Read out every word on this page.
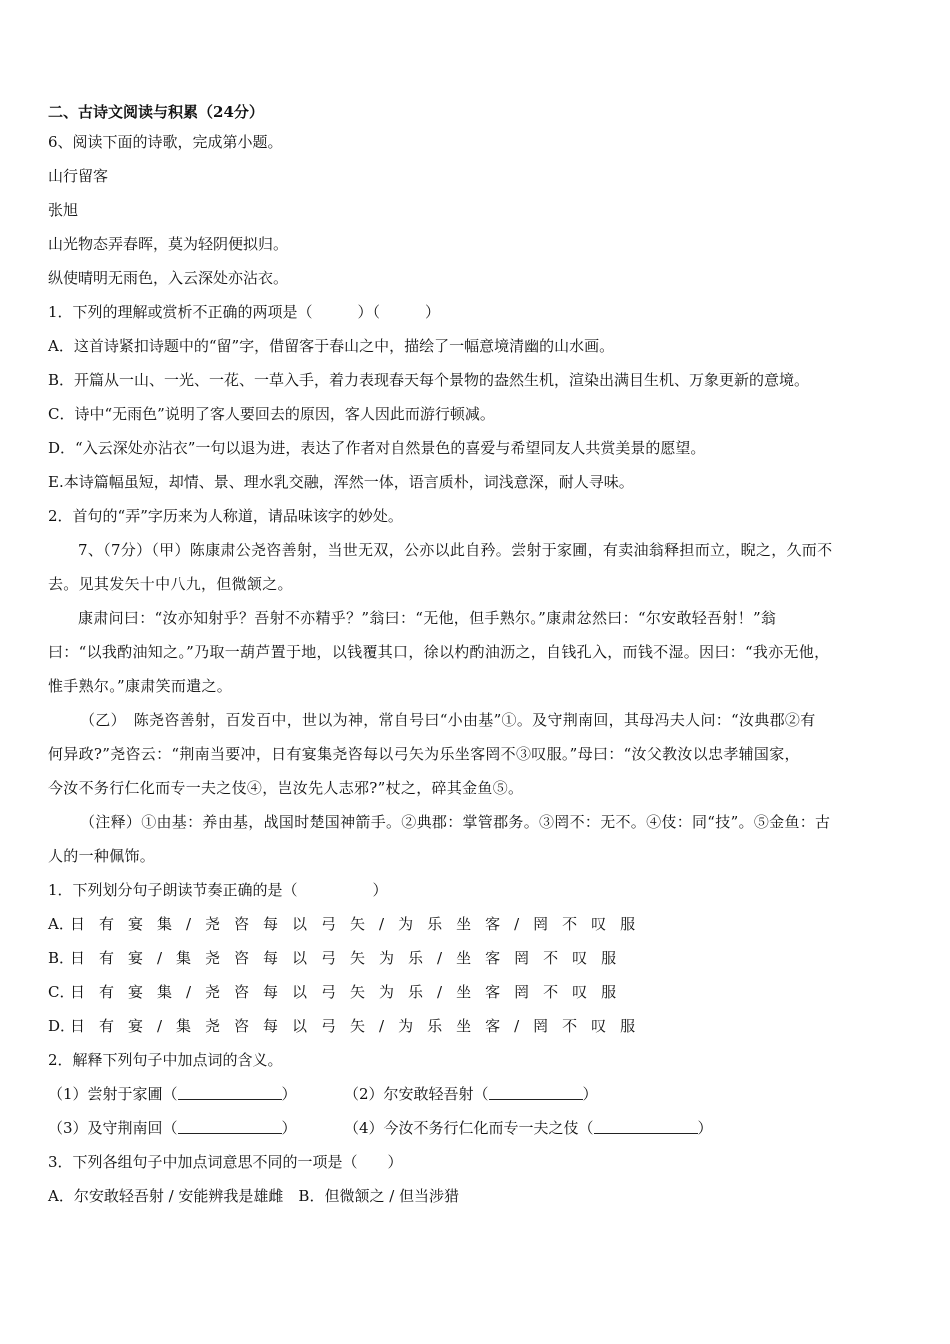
二、古诗文阅读与积累（24分）
6、阅读下面的诗歌，完成第小题。
山行留客
张旭
山光物态弄春晖，莫为轻阴便拟归。
纵使晴明无雨色，入云深处亦沾衣。
1．下列的理解或赏析不正确的两项是（　　　）（　　　）
A．这首诗紧扣诗题中的“留”字，借留客于春山之中，描绘了一幅意境清幽的山水画。
B．开篇从一山、一光、一花、一草入手，着力表现春天每个景物的盎然生机，渲染出满目生机、万象更新的意境。
C．诗中“无雨色”说明了客人要回去的原因，客人因此而游行顿减。
D．“入云深处亦沾衣”一句以退为进，表达了作者对自然景色的喜爱与希望同友人共赏美景的愿望。
E.本诗篇幅虽短，却情、景、理水乳交融，浑然一体，语言质朴，词浅意深，耐人寻味。
2．首句的“弄”字历来为人称道，请品味该字的妙处。
7、（7分）（甲）陈康肃公尧咨善射，当世无双，公亦以此自矜。尝射于家圃，有卖油翁释担而立，睨之，久而不
去。见其发矢十中八九，但微颔之。
康肃问曰：“汝亦知射乎？吾射不亦精乎？”翁曰：“无他，但手熟尔。”康肃忿然曰：“尔安敢轻吾射！”翁
曰：“以我酌油知之。”乃取一葫芦置于地，以钱覆其口，徐以杓酌油沥之，自钱孔入，而钱不湿。因曰：“我亦无他，
惟手熟尔。”康肃笑而遣之。
（乙）　陈尧咨善射，百发百中，世以为神，常自号曰“小由基”①。及守荆南回，其母冯夫人问：“汝典郡②有
何异政?”尧咨云：“荆南当要冲，日有宴集尧咨每以弓矢为乐坐客罔不③叹服。”母曰：“汝父教汝以忠孝辅国家，
今汝不务行仁化而专一夫之伎④，岂汝先人志邪?”杖之，碎其金鱼⑤。
（注释）①由基：养由基，战国时楚国神箭手。②典郡：掌管郡务。③罔不：无不。④伎：同“技”。⑤金鱼：古
人的一种佩饰。
1．下列划分句子朗读节奏正确的是（　　　　　）
A．日有宴集/尧咨每以弓矢/为乐坐客/罔不叹服
B．日有宴/集尧咨每以弓矢为乐/坐客罔不叹服
C．日有宴集/尧咨每以弓矢为乐/坐客罔不叹服
D．日有宴/集尧咨每以弓矢/为乐坐客/罔不叹服
2．解释下列句子中加点词的含义。
（1）尝射于家圃（	）	（2）尔安敢轻吾射（	）
（3）及守荆南回（	）	（4）今汝不务行仁化而专一夫之伎（	）
3．下列各组句子中加点词意思不同的一项是（　　）
A．尔安敢轻吾射 / 安能辨我是雄雌　B．但微颔之 / 但当涉猎
